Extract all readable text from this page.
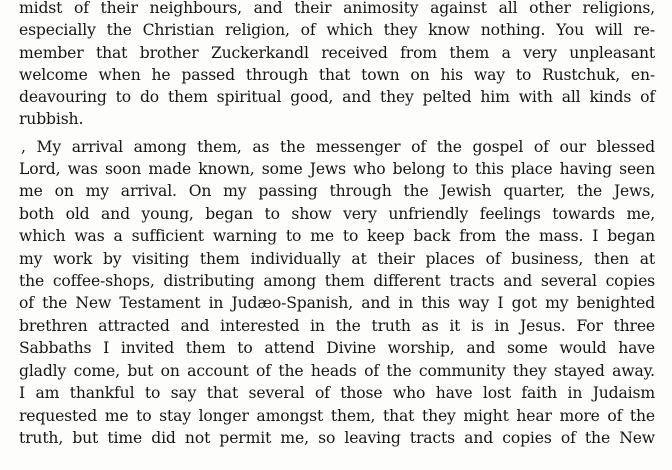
midst of their neighbours, and their animosity against all other religions,

especially the Christian religion, of which they know nothing. You will re-

member that brother Zuckerkandl received from them a very unpleasant

welcome when he passed through that town on his way to Rustchuk, en-

deavouring to do them spiritual good, and they pelted him with all kinds of

rubbish.

, My arrival among them, as the messenger of the gospel of our blessed

Lord, was soon made known, some Jews who belong to this place having seen

me on my arrival. On my passing through the Jewish quarter, the Jews,

both old and young, began to show very unfriendly feelings towards me,

which was a sufficient warning to me to keep back from the mass. I began

my work by visiting them individually at their places of business, then at

the coffee-shops, distributing among them different tracts and several copies

of the New Testament in Judæo-Spanish, and in this way I got my benighted

brethren attracted and interested in the truth as it is in Jesus. For three

Sabbaths I invited them to attend Divine worship, and some would have

gladly come, but on account of the heads of the community they stayed away.

I am thankful to say that several of those who have lost faith in Judaism

requested me to stay longer amongst them, that they might hear more of the

truth, but time did not permit me, so leaving tracts and copies of the New
